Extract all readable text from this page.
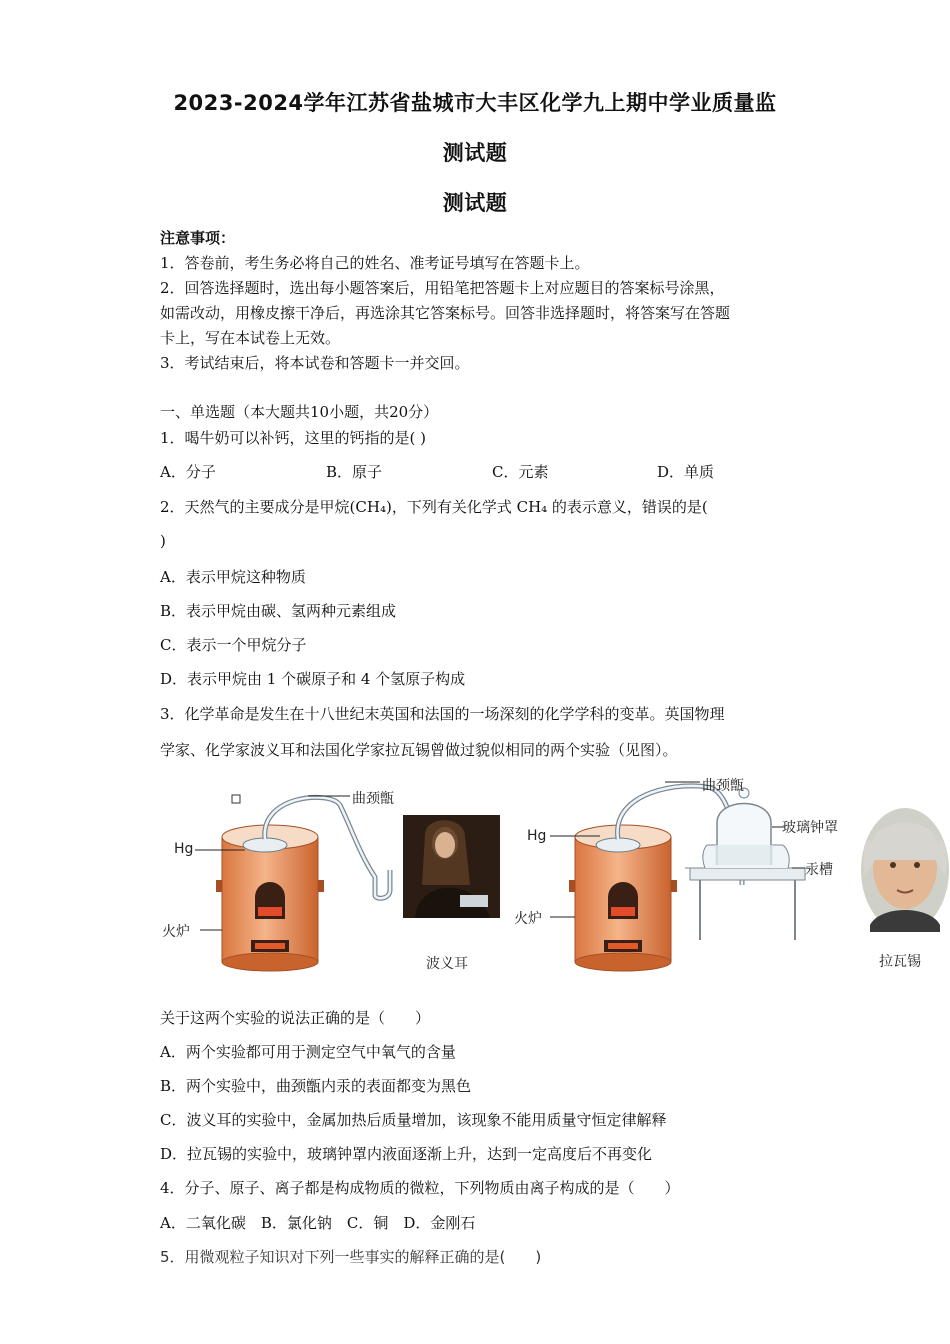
2023-2024学年江苏省盐城市大丰区化学九上期中学业质量监
测试题
测试题
注意事项：
1．答卷前，考生务必将自己的姓名、准考证号填写在答题卡上。
2．回答选择题时，选出每小题答案后，用铅笔把答题卡上对应题目的答案标号涂黑，
如需改动，用橡皮擦干净后，再选涂其它答案标号。回答非选择题时，将答案写在答题
卡上，写在本试卷上无效。
3．考试结束后，将本试卷和答题卡一并交回。
一、单选题（本大题共10小题，共20分）
1．喝牛奶可以补钙，这里的钙指的是( )
A．分子	B．原子	C．元素	D．单质
2．天然气的主要成分是甲烷(CH₄)，下列有关化学式 CH₄ 的表示意义，错误的是(
)
A．表示甲烷这种物质
B．表示甲烷由碳、氢两种元素组成
C．表示一个甲烷分子
D．表示甲烷由 1 个碳原子和 4 个氢原子构成
3．化学革命是发生在十八世纪末英国和法国的一场深刻的化学学科的变革。英国物理
学家、化学家波义耳和法国化学家拉瓦锡曾做过貌似相同的两个实验（见图）。
曲颈甑
Hg
火炉
波义耳
曲颈甑
Hg	玻璃钟罩
汞槽
火炉
拉瓦锡
关于这两个实验的说法正确的是（　　）
A．两个实验都可用于测定空气中氧气的含量
B．两个实验中，曲颈甑内汞的表面都变为黑色
C．波义耳的实验中，金属加热后质量增加，该现象不能用质量守恒定律解释
D．拉瓦锡的实验中，玻璃钟罩内液面逐渐上升，达到一定高度后不再变化
4．分子、原子、离子都是构成物质的微粒，下列物质由离子构成的是（　　）
A．二氧化碳　B．氯化钠　C．铜　D．金刚石
5．用微观粒子知识对下列一些事实的解释正确的是(　　)
